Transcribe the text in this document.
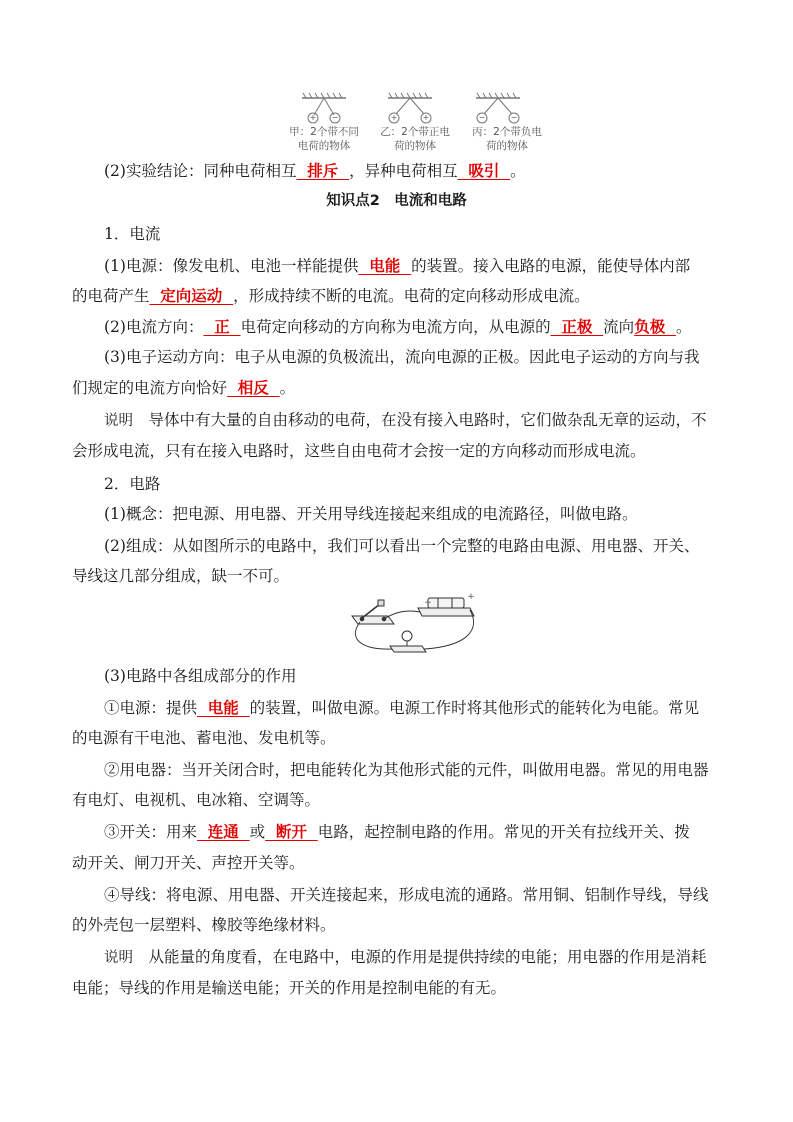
+ −	+	+	−	−
甲：2个带不同
电荷的物体
乙：2个带正电
荷的物体
丙：2个带负电
荷的物体
(2)实验结论：同种电荷相互  排斥  ，异种电荷相互  吸引  。
知识点2　电流和电路
1．电流
(1)电源：像发电机、电池一样能提供  电能  的装置。接入电路的电源，能使导体内部
的电荷产生  定向运动  ，形成持续不断的电流。电荷的定向移动形成电流。
(2)电流方向：  正  电荷定向移动的方向称为电流方向，从电源的  正极  流向负极  。
(3)电子运动方向：电子从电源的负极流出，流向电源的正极。因此电子运动的方向与我
们规定的电流方向恰好  相反  。
说明　导体中有大量的自由移动的电荷，在没有接入电路时，它们做杂乱无章的运动，不
会形成电流，只有在接入电路时，这些自由电荷才会按一定的方向移动而形成电流。
2．电路
(1)概念：把电源、用电器、开关用导线连接起来组成的电流路径，叫做电路。
(2)组成：从如图所示的电路中，我们可以看出一个完整的电路由电源、用电器、开关、
导线这几部分组成，缺一不可。
−
+
(3)电路中各组成部分的作用
①电源：提供  电能  的装置，叫做电源。电源工作时将其他形式的能转化为电能。常见
的电源有干电池、蓄电池、发电机等。
②用电器：当开关闭合时，把电能转化为其他形式能的元件，叫做用电器。常见的用电器
有电灯、电视机、电冰箱、空调等。
③开关：用来  连通  或  断开  电路，起控制电路的作用。常见的开关有拉线开关、拨
动开关、闸刀开关、声控开关等。
④导线：将电源、用电器、开关连接起来，形成电流的通路。常用铜、铝制作导线，导线
的外壳包一层塑料、橡胶等绝缘材料。
说明　从能量的角度看，在电路中，电源的作用是提供持续的电能；用电器的作用是消耗
电能；导线的作用是输送电能；开关的作用是控制电能的有无。
